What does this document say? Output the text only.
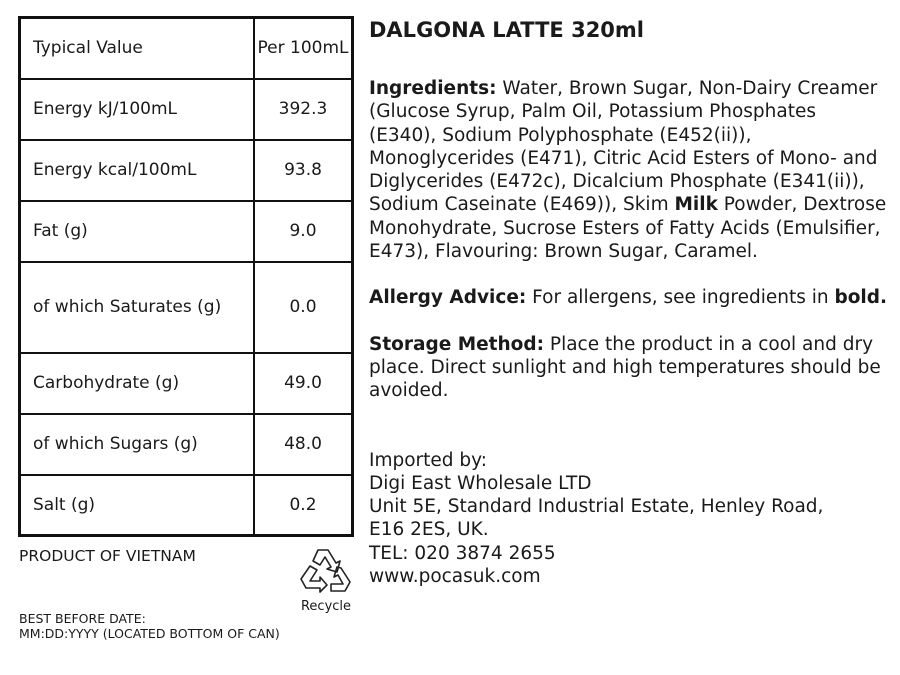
Typical Value	Per 100mL
Energy kJ/100mL	392.3
Energy kcal/100mL	93.8
Fat (g)	9.0
of which Saturates (g)	0.0
Carbohydrate (g)	49.0
of which Sugars (g)	48.0
Salt (g)	0.2
PRODUCT OF VIETNAM
BEST BEFORE DATE:
MM:DD:YYYY (LOCATED BOTTOM OF CAN)
Recycle
DALGONA LATTE 320ml

Ingredients: Water, Brown Sugar, Non-Dairy Creamer (Glucose Syrup, Palm Oil, Potassium Phosphates (E340), Sodium Polyphosphate (E452(ii)), Monoglycerides (E471), Citric Acid Esters of Mono- and Diglycerides (E472c), Dicalcium Phosphate (E341(ii)), Sodium Caseinate (E469)), Skim Milk Powder, Dextrose Monohydrate, Sucrose Esters of Fatty Acids (Emulsifier, E473), Flavouring: Brown Sugar, Caramel.

Allergy Advice: For allergens, see ingredients in bold.

Storage Method: Place the product in a cool and dry place. Direct sunlight and high temperatures should be avoided.

Imported by:
Digi East Wholesale LTD
Unit 5E, Standard Industrial Estate, Henley Road,
E16 2ES, UK.
TEL: 020 3874 2655
www.pocasuk.com
